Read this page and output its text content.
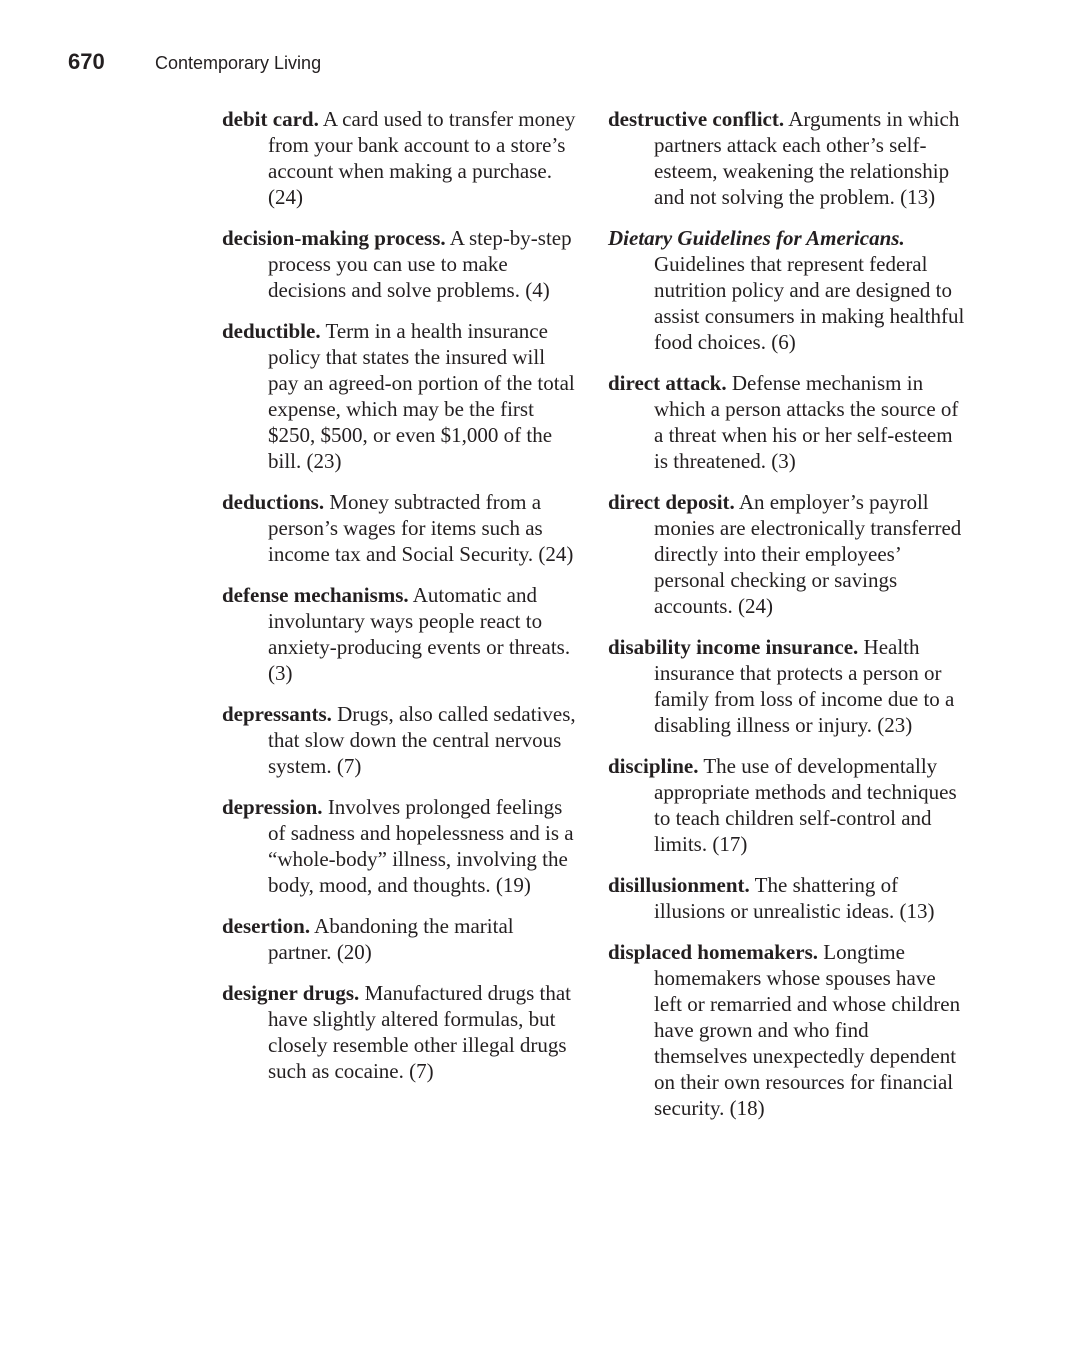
670	Contemporary Living

debit card. A card used to transfer money from your bank account to a store’s account when making a purchase. (24)

decision-making process. A step-by-step process you can use to make decisions and solve problems. (4)

deductible. Term in a health insurance policy that states the insured will pay an agreed-on portion of the total expense, which may be the first $250, $500, or even $1,000 of the bill. (23)

deductions. Money subtracted from a person’s wages for items such as income tax and Social Security. (24)

defense mechanisms. Automatic and involuntary ways people react to anxiety-producing events or threats. (3)

depressants. Drugs, also called sedatives, that slow down the central nervous system. (7)

depression. Involves prolonged feelings of sadness and hopelessness and is a “whole-body” illness, involving the body, mood, and thoughts. (19)

desertion. Abandoning the marital partner. (20)

designer drugs. Manufactured drugs that have slightly altered formulas, but closely resemble other illegal drugs such as cocaine. (7)

destructive conflict. Arguments in which partners attack each other’s self-esteem, weakening the relationship and not solving the problem. (13)

Dietary Guidelines for Americans. Guidelines that represent federal nutrition policy and are designed to assist consumers in making healthful food choices. (6)

direct attack. Defense mechanism in which a person attacks the source of a threat when his or her self-esteem is threatened. (3)

direct deposit. An employer’s payroll monies are electronically transferred directly into their employees’ personal checking or savings accounts. (24)

disability income insurance. Health insurance that protects a person or family from loss of income due to a disabling illness or injury. (23)

discipline. The use of developmentally appropriate methods and techniques to teach children self-control and limits. (17)

disillusionment. The shattering of illusions or unrealistic ideas. (13)

displaced homemakers. Longtime homemakers whose spouses have left or remarried and whose children have grown and who find themselves unexpectedly dependent on their own resources for financial security. (18)
